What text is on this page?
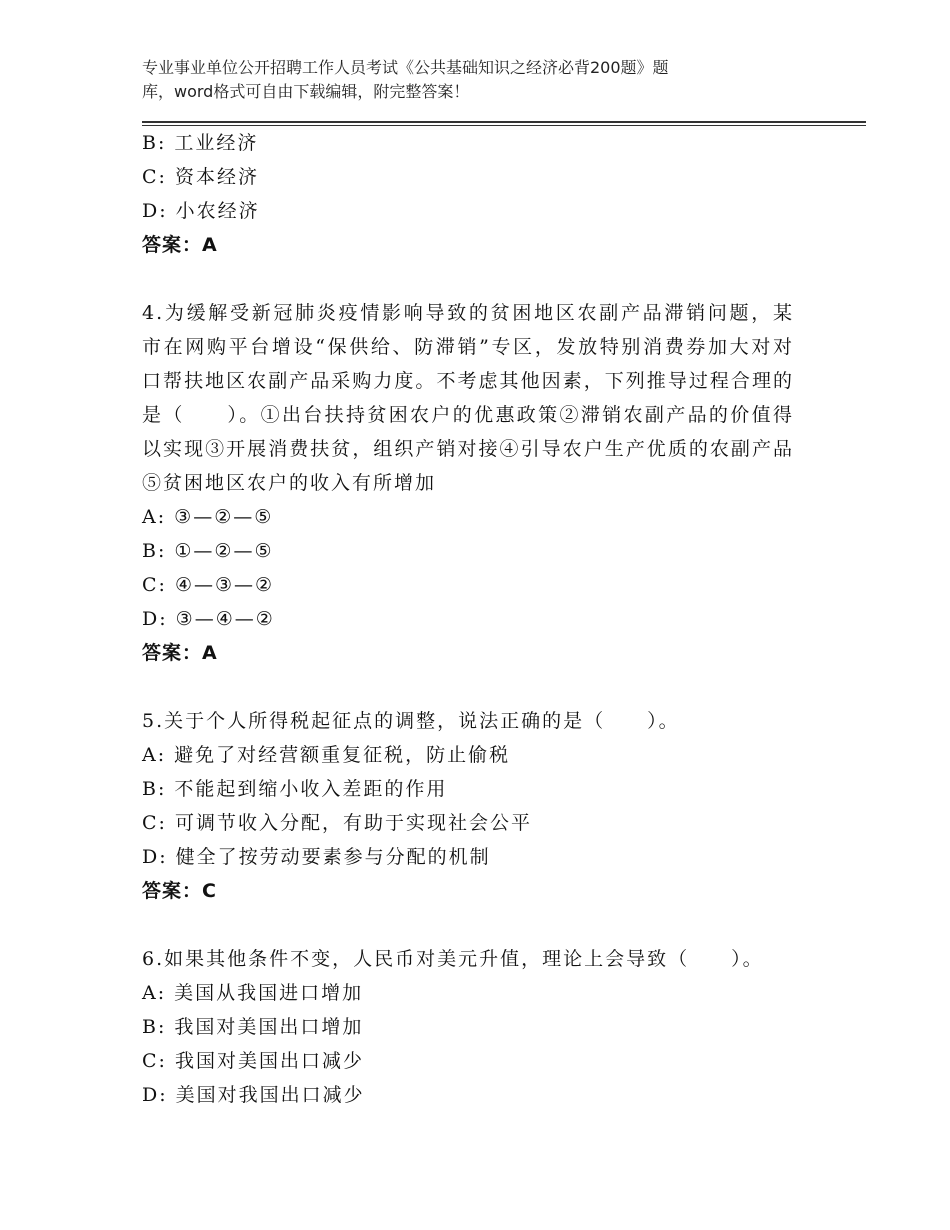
专业事业单位公开招聘工作人员考试《公共基础知识之经济必背200题》题
库，word格式可自由下载编辑，附完整答案！
B: 工业经济
C: 资本经济
D: 小农经济
答案：A
4.为缓解受新冠肺炎疫情影响导致的贫困地区农副产品滞销问题，某市在网购平台增设“保供给、防滞销”专区，发放特别消费券加大对对口帮扶地区农副产品采购力度。不考虑其他因素，下列推导过程合理的是（　　）。①出台扶持贫困农户的优惠政策②滞销农副产品的价值得以实现③开展消费扶贫，组织产销对接④引导农户生产优质的农副产品⑤贫困地区农户的收入有所增加
A: ③—②—⑤
B: ①—②—⑤
C: ④—③—②
D: ③—④—②
答案：A
5.关于个人所得税起征点的调整，说法正确的是（　　）。
A: 避免了对经营额重复征税，防止偷税
B: 不能起到缩小收入差距的作用
C: 可调节收入分配，有助于实现社会公平
D: 健全了按劳动要素参与分配的机制
答案：C
6.如果其他条件不变，人民币对美元升值，理论上会导致（　　）。
A: 美国从我国进口增加
B: 我国对美国出口增加
C: 我国对美国出口减少
D: 美国对我国出口减少
